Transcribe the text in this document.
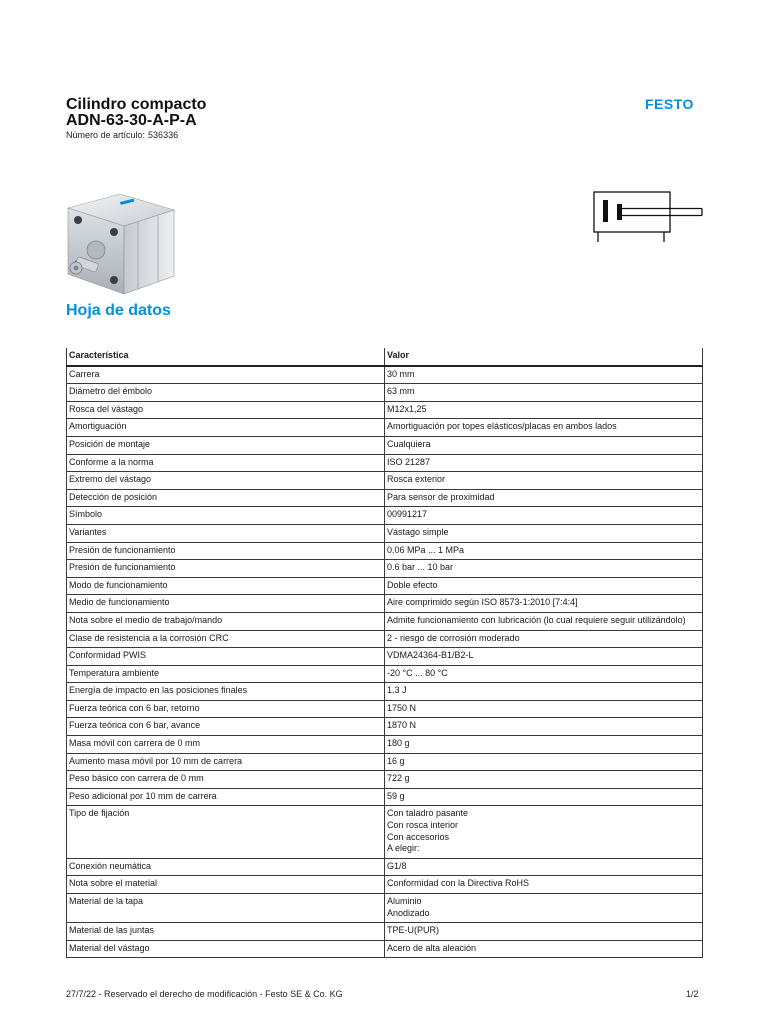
Cilindro compacto
ADN-63-30-A-P-A
Número de artículo: 536336
FESTO
Hoja de datos
Característica	Valor
Carrera	30 mm
Diámetro del émbolo	63 mm
Rosca del vástago	M12x1,25
Amortiguación	Amortiguación por topes elásticos/placas en ambos lados
Posición de montaje	Cualquiera
Conforme a la norma	ISO 21287
Extremo del vástago	Rosca exterior
Detección de posición	Para sensor de proximidad
Símbolo	00991217
Variantes	Vástago simple
Presión de funcionamiento	0.06 MPa ... 1 MPa
Presión de funcionamiento	0.6 bar ... 10 bar
Modo de funcionamiento	Doble efecto
Medio de funcionamiento	Aire comprimido según ISO 8573-1:2010 [7:4:4]
Nota sobre el medio de trabajo/mando	Admite funcionamiento con lubricación (lo cual requiere seguir utilizándolo)
Clase de resistencia a la corrosión CRC	2 - riesgo de corrosión moderado
Conformidad PWIS	VDMA24364-B1/B2-L
Temperatura ambiente	-20 °C ... 80 °C
Energía de impacto en las posiciones finales	1.3 J
Fuerza teórica con 6 bar, retorno	1750 N
Fuerza teórica con 6 bar, avance	1870 N
Masa móvil con carrera de 0 mm	180 g
Aumento masa móvil por 10 mm de carrera	16 g
Peso básico con carrera de 0 mm	722 g
Peso adicional por 10 mm de carrera	59 g
Tipo de fijación	Con taladro pasante
Con rosca interior
Con accesorios
A elegir:

Conexión neumática	G1/8
Nota sobre el material	Conformidad con la Directiva RoHS
Material de la tapa	Aluminio
Anodizado

Material de las juntas	TPE-U(PUR)
Material del vástago	Acero de alta aleación
27/7/22 - Reservado el derecho de modificación - Festo SE & Co. KG	1/2
